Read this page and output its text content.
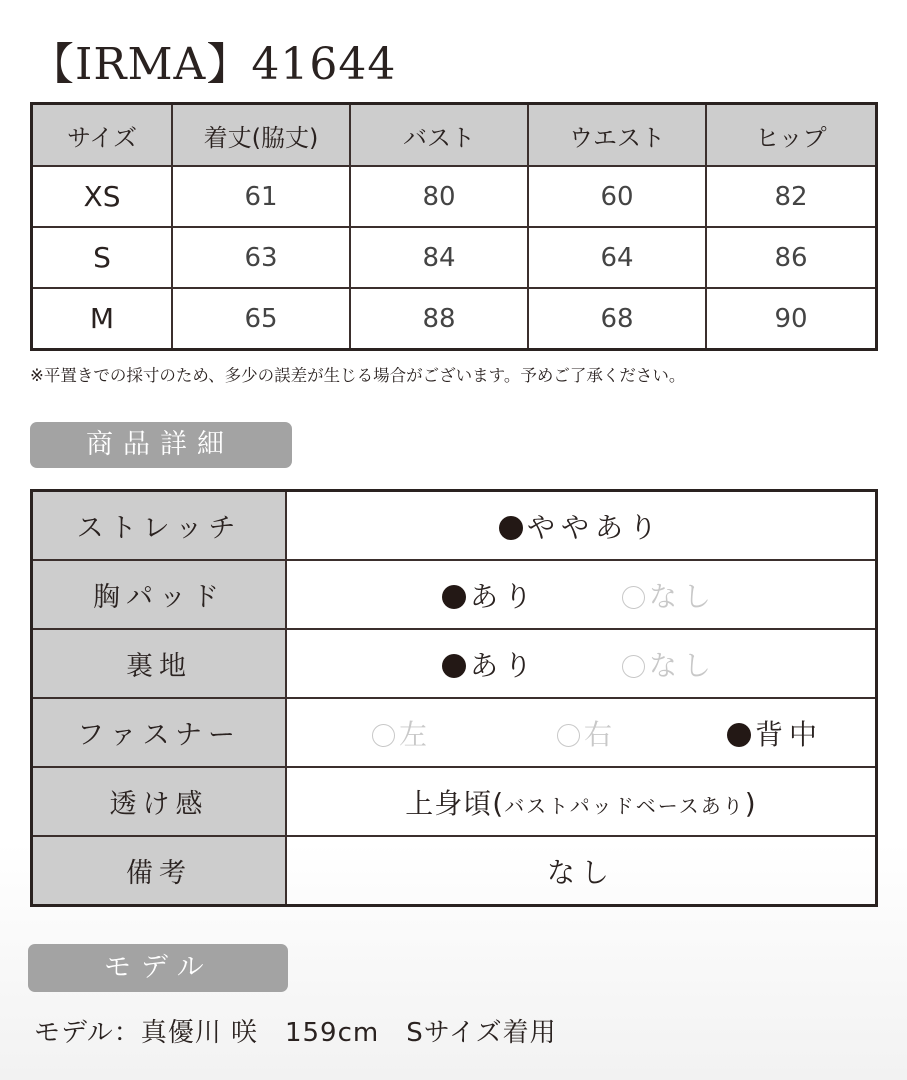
【IRMA】41644
サイズ	着丈(脇丈)	バスト	ウエスト	ヒップ
XS	61	80	60	82
S	63	84	64	86
M	65	88	68	90
※平置きでの採寸のため、多少の誤差が生じる場合がございます。予めご了承ください。
商品詳細
ストレッチ	ややあり

胸パッド	あり なし

裏地	あり なし

ファスナー	左 右 背中

透け感	上身頃(バストパッドベースあり)

備考	なし
モデル
モデル：真優川 咲　159cm　Sサイズ着用
